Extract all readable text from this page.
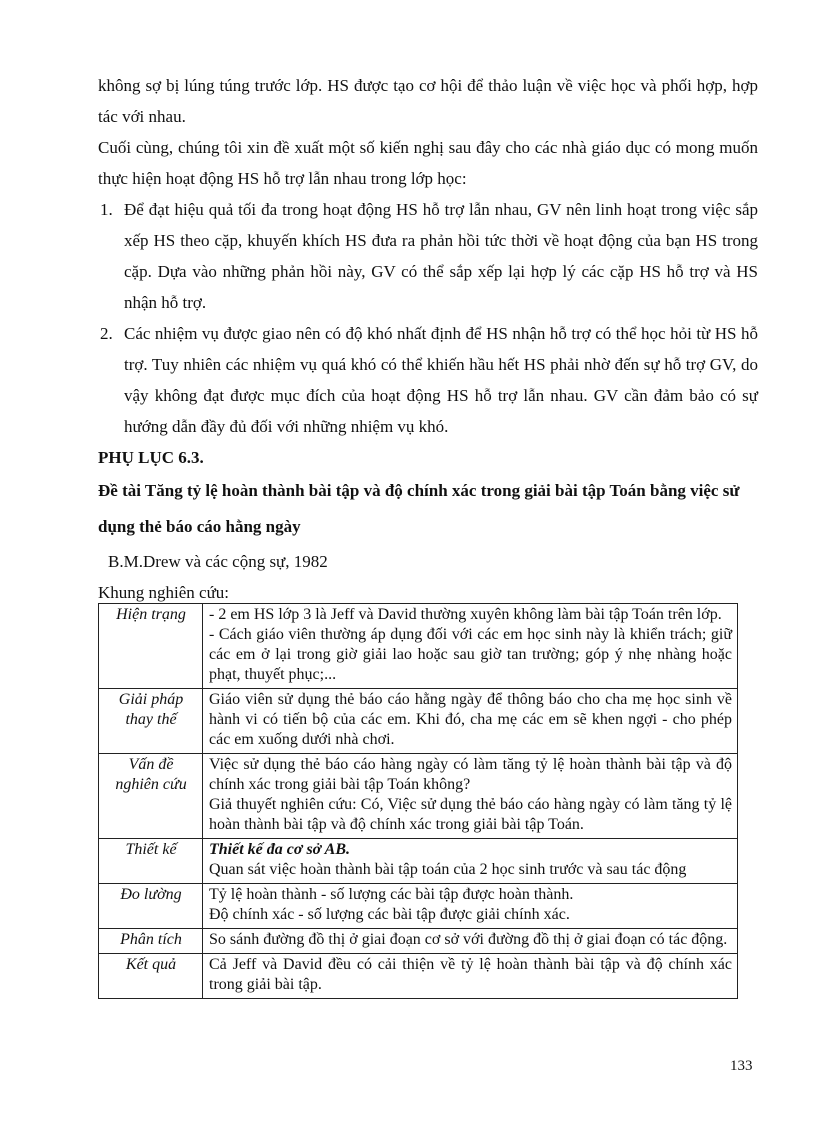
không sợ bị lúng túng trước lớp. HS được tạo cơ hội để thảo luận về việc học và phối hợp, hợp tác với nhau.

Cuối cùng, chúng tôi xin đề xuất một số kiến nghị sau đây cho các nhà giáo dục có mong muốn thực hiện hoạt động HS hỗ trợ lẫn nhau trong lớp học:

1. Để đạt hiệu quả tối đa trong hoạt động HS hỗ trợ lẫn nhau, GV nên linh hoạt trong việc sắp xếp HS theo cặp, khuyến khích HS đưa ra phản hồi tức thời về hoạt động của bạn HS trong cặp. Dựa vào những phản hồi này, GV có thể sắp xếp lại hợp lý các cặp HS hỗ trợ và HS nhận hỗ trợ.
2. Các nhiệm vụ được giao nên có độ khó nhất định để HS nhận hỗ trợ có thể học hỏi từ HS hỗ trợ. Tuy nhiên các nhiệm vụ quá khó có thể khiến hầu hết HS phải nhờ đến sự hỗ trợ GV, do vậy không đạt được mục đích của hoạt động HS hỗ trợ lẫn nhau. GV cần đảm bảo có sự hướng dẫn đầy đủ đối với những nhiệm vụ khó.

PHỤ LỤC 6.3.

Đề tài Tăng tỷ lệ hoàn thành bài tập và độ chính xác trong giải bài tập Toán bằng việc sử dụng thẻ báo cáo hằng ngày

B.M.Drew và các cộng sự, 1982

Khung nghiên cứu:

Hiện trạng	- 2 em HS lớp 3 là Jeff và David thường xuyên không làm bài tập Toán trên lớp.
- Cách giáo viên thường áp dụng đối với các em học sinh này là khiển trách; giữ các em ở lại trong giờ giải lao hoặc sau giờ tan trường; góp ý nhẹ nhàng hoặc phạt, thuyết phục;...

Giải pháp thay thế	Giáo viên sử dụng thẻ báo cáo hằng ngày để thông báo cho cha mẹ học sinh về hành vi có tiến bộ của các em. Khi đó, cha mẹ các em sẽ khen ngợi - cho phép các em xuống dưới nhà chơi.
Vấn đề nghiên cứu	Việc sử dụng thẻ báo cáo hàng ngày có làm tăng tỷ lệ hoàn thành bài tập và độ chính xác trong giải bài tập Toán không?
Giả thuyết nghiên cứu: Có, Việc sử dụng thẻ báo cáo hàng ngày có làm tăng tỷ lệ hoàn thành bài tập và độ chính xác trong giải bài tập Toán.

Thiết kế	Thiết kế đa cơ sở AB.
Quan sát việc hoàn thành bài tập toán của 2 học sinh trước và sau tác động

Đo lường	Tỷ lệ hoàn thành - số lượng các bài tập được hoàn thành.
Độ chính xác - số lượng các bài tập được giải chính xác.

Phân tích	So sánh đường đồ thị ở giai đoạn cơ sở với đường đồ thị ở giai đoạn có tác động.
Kết quả	Cả Jeff và David đều có cải thiện về tỷ lệ hoàn thành bài tập và độ chính xác trong giải bài tập.
133
